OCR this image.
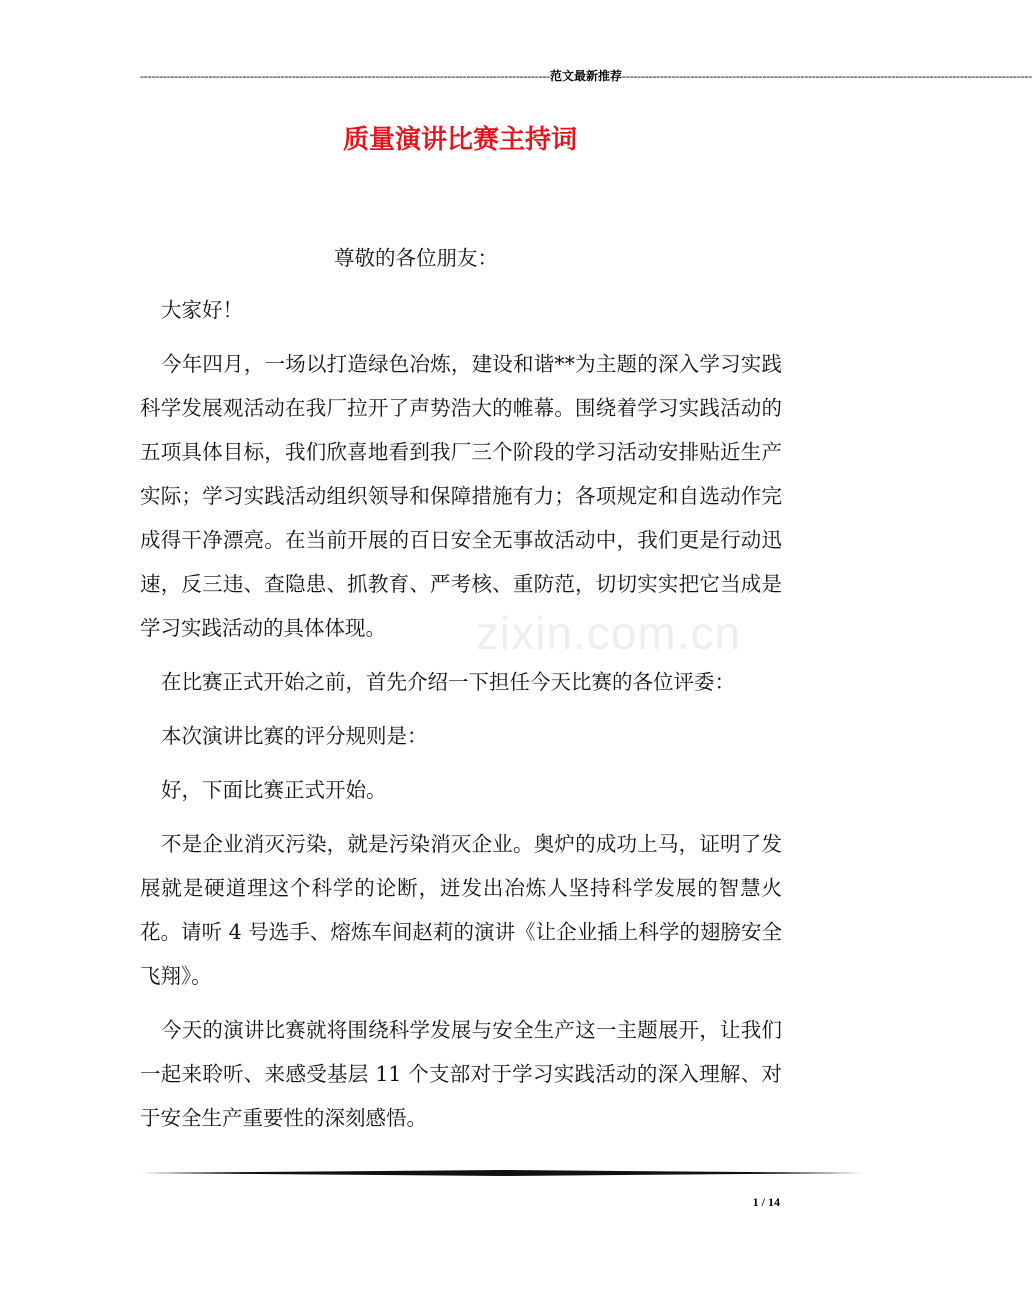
------------------------------------------------------------------------------------------------------------ 范文最新推荐 ------------------------------------------------------------------------------------------------------------
质量演讲比赛主持词
zixin.com.cn

尊敬的各位朋友：

大家好！

今年四月，一场以打造绿色冶炼，建设和谐**为主题的深入学习实践科学发展观活动在我厂拉开了声势浩大的帷幕。围绕着学习实践活动的五项具体目标，我们欣喜地看到我厂三个阶段的学习活动安排贴近生产实际；学习实践活动组织领导和保障措施有力；各项规定和自选动作完成得干净漂亮。在当前开展的百日安全无事故活动中，我们更是行动迅速，反三违、查隐患、抓教育、严考核、重防范，切切实实把它当成是学习实践活动的具体体现。

在比赛正式开始之前，首先介绍一下担任今天比赛的各位评委：

本次演讲比赛的评分规则是：

好，下面比赛正式开始。

不是企业消灭污染，就是污染消灭企业。奥炉的成功上马，证明了发展就是硬道理这个科学的论断，迸发出冶炼人坚持科学发展的智慧火花。请听 4 号选手、熔炼车间赵莉的演讲《让企业插上科学的翅膀安全飞翔》。

今天的演讲比赛就将围绕科学发展与安全生产这一主题展开，让我们一起来聆听、来感受基层 11 个支部对于学习实践活动的深入理解、对于安全生产重要性的深刻感悟。

1 / 14
